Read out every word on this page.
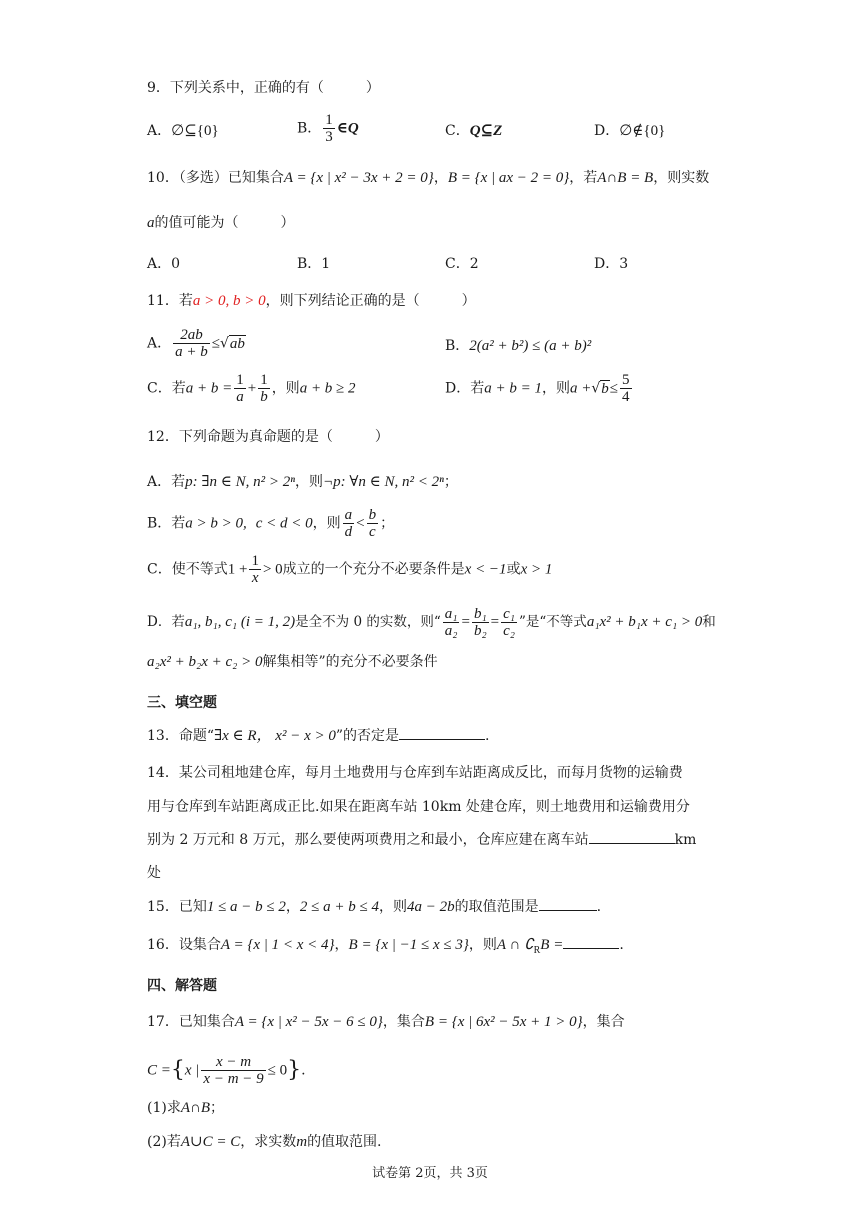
9．下列关系中，正确的有（　　　）
A．∅⊆{0}	B． $\frac{1}{3}$ ∈Q	C．Q⊆Z	D．∅∉{0}
10．（多选）已知集合A = {x | x² − 3x + 2 = 0}，B = {x | ax − 2 = 0}，若A∩B = B，则实数
a的值可能为（　　　）
A．0	B．1	C．2	D．3
11．若a > 0, b > 0，则下列结论正确的是（　　　）
A． $\frac{2ab}{a + b} \le√ab$	B．2(a² + b²) ≤ (a + b)²
C．若$a + b = \frac{1}{a} + \frac{1}{b}$ ，则a + b ≥ 2	D．若a + b = 1，则$a +√b\le \frac{5}{4}$
12．下列命题为真命题的是（　　　）
A．若p: ∃n ∈ N, n² > 2ⁿ，则¬p: ∀n ∈ N, n² < 2ⁿ；
B．若a > b > 0, c < d < 0，则 $\frac{a}{d} < \frac{b}{c}$ ；
C．使不等式$1 + \frac{1}{x} > 0$成立的一个充分不必要条件是x < −1或x > 1
D．若a₁, b₁, c₁ (i = 1, 2)是全不为 0 的实数，则“ $\frac{\text{a₁}}{\text{a₂}} = \frac{\text{b₁}}{\text{b₂}} = \frac{\text{c₁}}{\text{c₂}}$ ”是“不等式a₁x² + b₁x + c₁ > 0和
a₂x² + b₂x + c₂ > 0解集相等”的充分不必要条件
三、填空题
13．命题“∃x ∈ R， x² − x > 0”的否定是	.
14．某公司租地建仓库，每月土地费用与仓库到车站距离成反比，而每月货物的运输费
用与仓库到车站距离成正比.如果在距离车站 10km 处建仓库，则土地费用和运输费用分
别为 2 万元和 8 万元，那么要使两项费用之和最小，仓库应建在离车站	km
处
15．已知1 ≤ a − b ≤ 2，2 ≤ a + b ≤ 4，则4a − 2b的取值范围是	.
16．设集合A = {x | 1 < x < 4}，B = {x | −1 ≤ x ≤ 3}，则A ∩ $∁_RB$ =	.
四、解答题
17．已知集合A = {x | x² − 5x − 6 ≤ 0}，集合B = {x | 6x² − 5x + 1 > 0}，集合
C ={x | $\frac{x - m}{x - m - 9} \le 0$}.
(1)求A∩B；
(2)若A∪C = C，求实数m的值取范围.
试卷第 2页，共 3页
